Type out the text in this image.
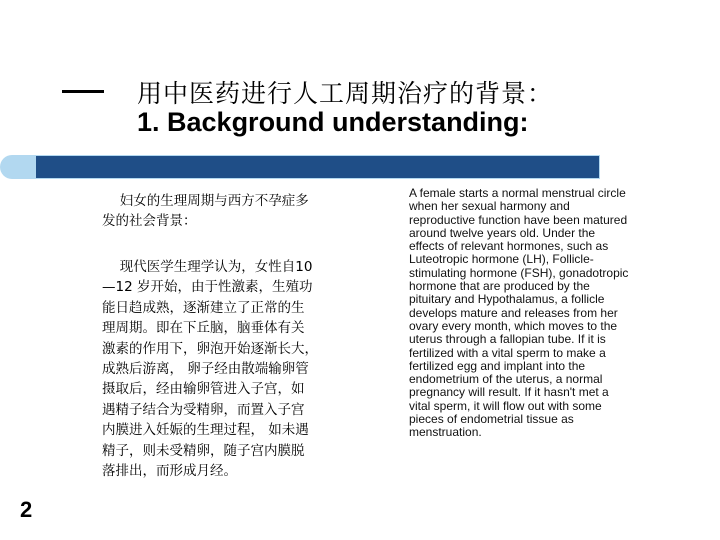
用中医药进行人工周期治疗的背景：
1. Background understanding:
　 妇女的生理周期与西方不孕症多
发的社会背景：
　 现代医学生理学认为，女性自10
—12 岁开始，由于性激素，生殖功
能日趋成熟，逐渐建立了正常的生
理周期。即在下丘脑，脑垂体有关
激素的作用下，卵泡开始逐渐长大，
成熟后游离， 卵子经由散端输卵管
摄取后，经由输卵管进入子宫，如
遇精子结合为受精卵，而置入子宫
内膜进入妊娠的生理过程， 如未遇
精子，则未受精卵，随子宫内膜脱
落排出，而形成月经。
A female starts a normal menstrual circle
when her sexual harmony and
reproductive function have been matured
around twelve years old. Under the
effects of relevant hormones, such as
Luteotropic hormone (LH), Follicle-
stimulating hormone (FSH), gonadotropic
hormone that are produced by the
pituitary and Hypothalamus, a follicle
develops mature and releases from her
ovary every month, which moves to the
uterus through a fallopian tube. If it is
fertilized with a vital sperm to make a
fertilized egg and implant into the
endometrium of the uterus, a normal
pregnancy will result. If it hasn't met a
vital sperm, it will flow out with some
pieces of endometrial tissue as
menstruation.
2
